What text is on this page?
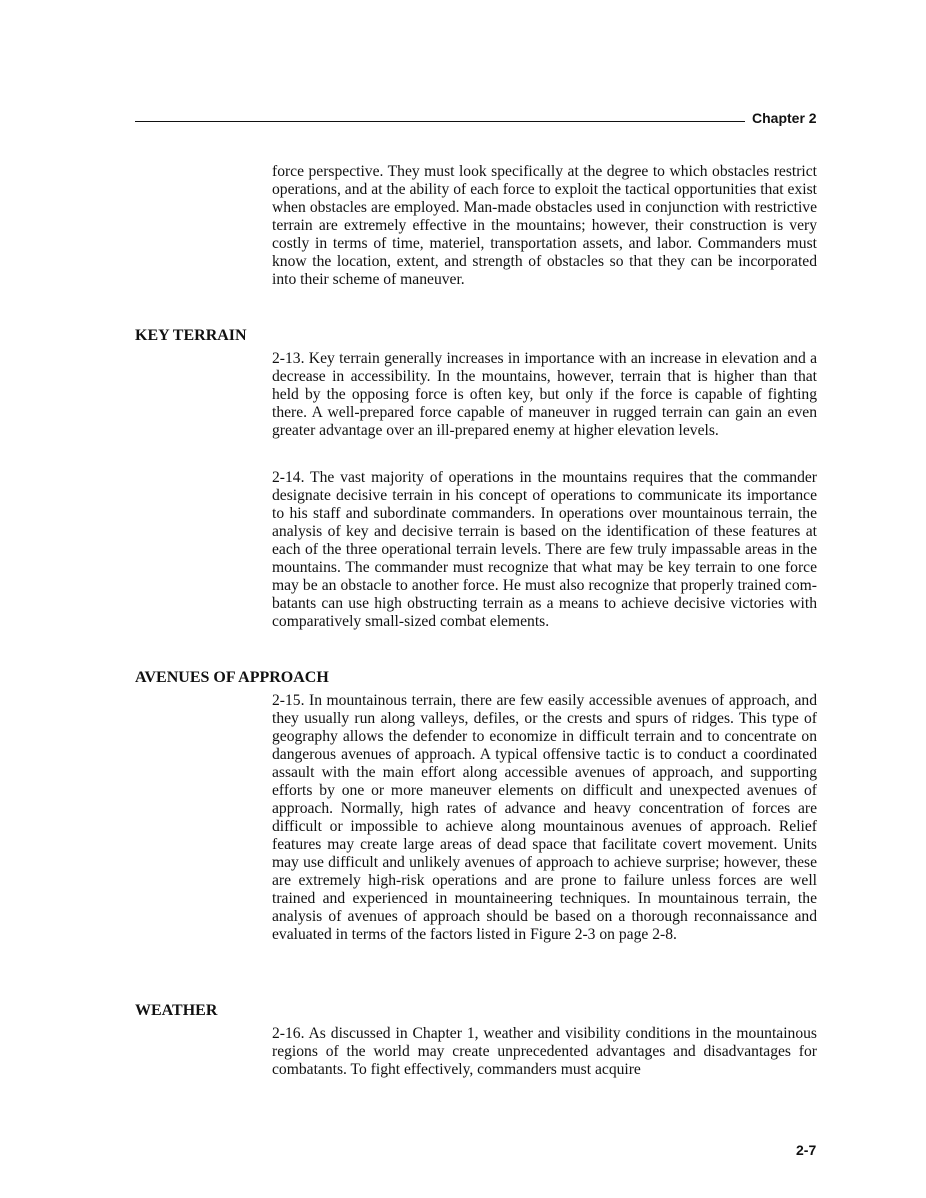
Chapter 2

force perspective. They must look specifically at the degree to which obstacles restrict operations, and at the ability of each force to exploit the tactical opportunities that exist when obstacles are employed. Man-made obstacles used in conjunction with restrictive terrain are extremely effective in the mountains; however, their construction is very costly in terms of time, materiel, transportation assets, and labor. Commanders must know the location, extent, and strength of obstacles so that they can be incorporated into their scheme of maneuver.

KEY TERRAIN

2-13. Key terrain generally increases in importance with an increase in elevation and a decrease in accessibility. In the mountains, however, terrain that is higher than that held by the opposing force is often key, but only if the force is capable of fighting there. A well-prepared force capable of maneuver in rugged terrain can gain an even greater advantage over an ill-prepared enemy at higher elevation levels.

2-14. The vast majority of operations in the mountains requires that the commander designate decisive terrain in his concept of operations to communicate its importance to his staff and subordinate commanders. In operations over mountainous terrain, the analysis of key and decisive terrain is based on the identification of these features at each of the three operational terrain levels. There are few truly impassable areas in the mountains. The commander must recognize that what may be key terrain to one force may be an obstacle to another force. He must also recognize that properly trained combatants can use high obstructing terrain as a means to achieve decisive victories with comparatively small-sized combat elements.

AVENUES OF APPROACH

2-15. In mountainous terrain, there are few easily accessible avenues of approach, and they usually run along valleys, defiles, or the crests and spurs of ridges. This type of geography allows the defender to economize in difficult terrain and to concentrate on dangerous avenues of approach. A typical offensive tactic is to conduct a coordinated assault with the main effort along accessible avenues of approach, and supporting efforts by one or more maneuver elements on difficult and unexpected avenues of approach. Normally, high rates of advance and heavy concentration of forces are difficult or impossible to achieve along mountainous avenues of approach. Relief features may create large areas of dead space that facilitate covert movement. Units may use difficult and unlikely avenues of approach to achieve surprise; however, these are extremely high-risk operations and are prone to failure unless forces are well trained and experienced in mountaineering techniques. In mountainous terrain, the analysis of avenues of approach should be based on a thorough reconnaissance and evaluated in terms of the factors listed in Figure 2-3 on page 2-8.

WEATHER

2-16. As discussed in Chapter 1, weather and visibility conditions in the mountainous regions of the world may create unprecedented advantages and disadvantages for combatants. To fight effectively, commanders must acquire

2-7
